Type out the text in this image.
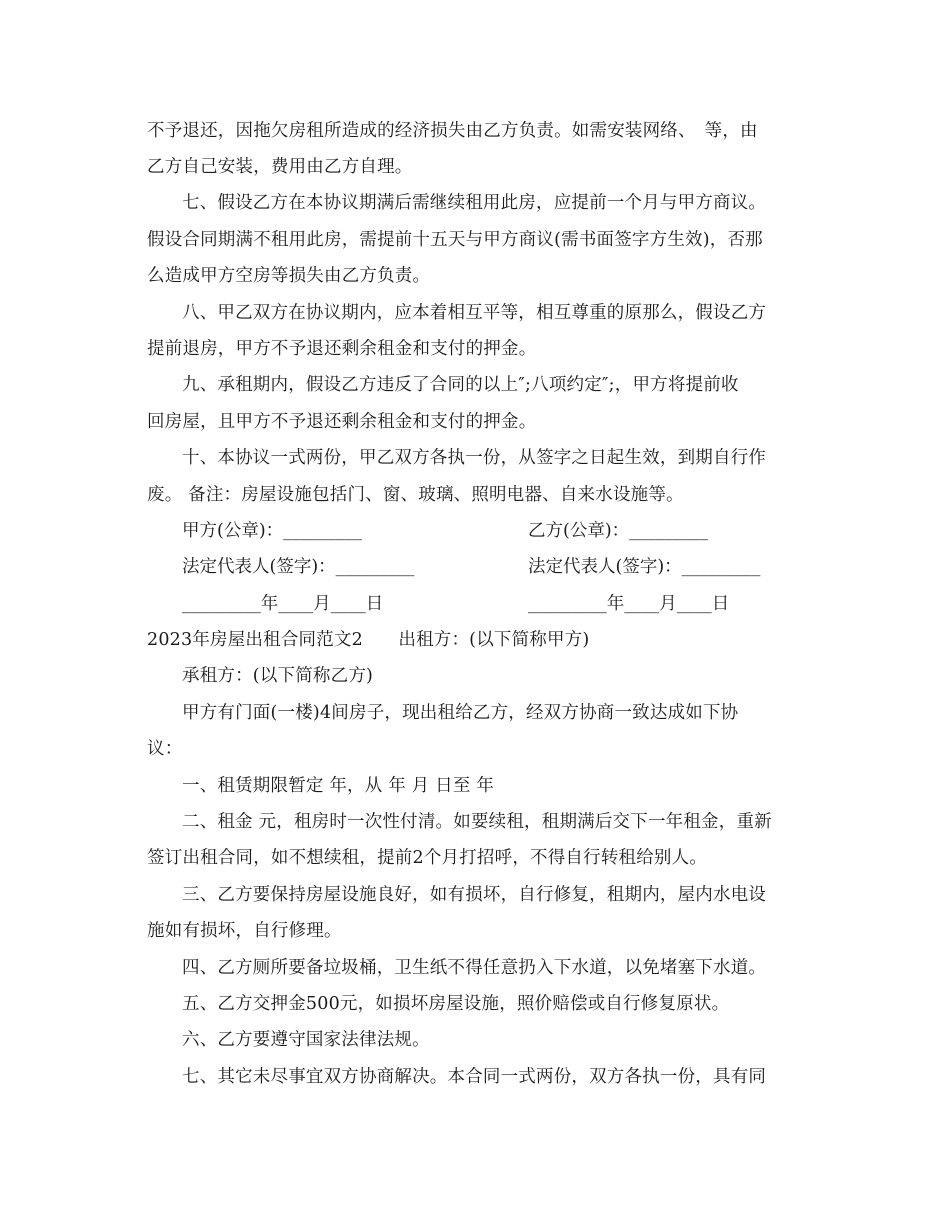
不予退还，因拖欠房租所造成的经济损失由乙方负责。如需安装网络、　等，由
乙方自己安装，费用由乙方自理。
七、假设乙方在本协议期满后需继续租用此房，应提前一个月与甲方商议。
假设合同期满不租用此房，需提前十五天与甲方商议(需书面签字方生效)，否那
么造成甲方空房等损失由乙方负责。
八、甲乙双方在协议期内，应本着相互平等，相互尊重的原那么，假设乙方
提前退房，甲方不予退还剩余租金和支付的押金。
九、承租期内，假设乙方违反了合同的以上″;八项约定″;，甲方将提前收
回房屋，且甲方不予退还剩余租金和支付的押金。
十、本协议一式两份，甲乙双方各执一份，从签字之日起生效，到期自行作
废。 备注：房屋设施包括门、窗、玻璃、照明电器、自来水设施等。
甲方(公章)：_________	乙方(公章)：_________
法定代表人(签字)：_________	法定代表人(签字)：_________
_________年____月____日	_________年____月____日
2023年房屋出租合同范文2　　出租方：(以下简称甲方)
承租方：(以下简称乙方)
甲方有门面(一楼)4间房子，现出租给乙方，经双方协商一致达成如下协
议：
一、租赁期限暂定 年，从 年 月 日至 年
二、租金 元，租房时一次性付清。如要续租，租期满后交下一年租金，重新
签订出租合同，如不想续租，提前2个月打招呼，不得自行转租给别人。
三、乙方要保持房屋设施良好，如有损坏，自行修复，租期内，屋内水电设
施如有损坏，自行修理。
四、乙方厕所要备垃圾桶，卫生纸不得任意扔入下水道，以免堵塞下水道。
五、乙方交押金500元，如损坏房屋设施，照价赔偿或自行修复原状。
六、乙方要遵守国家法律法规。
七、其它未尽事宜双方协商解决。本合同一式两份，双方各执一份，具有同
